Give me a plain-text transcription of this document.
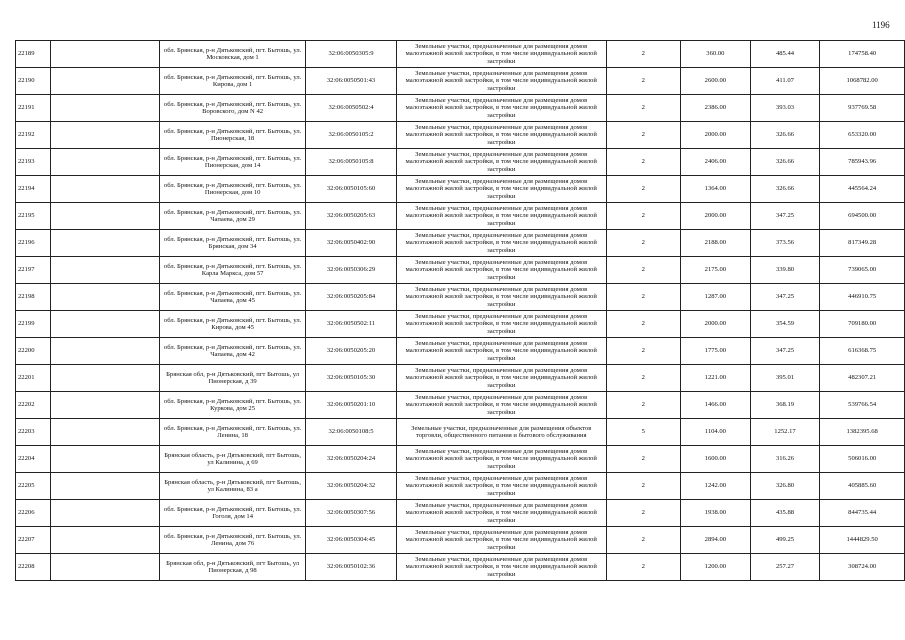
1196
22189		обл. Брянская, р-н Дятьковский, пгт. Бытошь, ул. Московская, дом 1	32:06:0050305:9	Земельные участки, предназначенные для размещения домов малоэтажной жилой застройки, в том числе индивидуальной жилой застройки	2	360.00	485.44	174758.40
22190		обл. Брянская, р-н Дятьковский, пгт. Бытошь, ул. Кирова, дом 1	32:06:0050501:43	Земельные участки, предназначенные для размещения домов малоэтажной жилой застройки, в том числе индивидуальной жилой застройки	2	2600.00	411.07	1068782.00
22191		обл. Брянская, р-н Дятьковский, пгт. Бытошь, ул. Воровского, дом N 42	32:06:0050502:4	Земельные участки, предназначенные для размещения домов малоэтажной жилой застройки, в том числе индивидуальной жилой застройки	2	2386.00	393.03	937769.58
22192		обл. Брянская, р-н Дятьковский, пгт. Бытошь, ул. Пионерская, 18	32:06:0050105:2	Земельные участки, предназначенные для размещения домов малоэтажной жилой застройки, в том числе индивидуальной жилой застройки	2	2000.00	326.66	653320.00
22193		обл. Брянская, р-н Дятьковский, пгт. Бытошь, ул. Пионерская, дом 14	32:06:0050105:8	Земельные участки, предназначенные для размещения домов малоэтажной жилой застройки, в том числе индивидуальной жилой застройки	2	2406.00	326.66	785943.96
22194		обл. Брянская, р-н Дятьковский, пгт. Бытошь, ул. Пионерская, дом 10	32:06:0050105:60	Земельные участки, предназначенные для размещения домов малоэтажной жилой застройки, в том числе индивидуальной жилой застройки	2	1364.00	326.66	445564.24
22195		обл. Брянская, р-н Дятьковский, пгт. Бытошь, ул. Чапаева, дом 29	32:06:0050205:63	Земельные участки, предназначенные для размещения домов малоэтажной жилой застройки, в том числе индивидуальной жилой застройки	2	2000.00	347.25	694500.00
22196		обл. Брянская, р-н Дятьковский, пгт. Бытошь, ул. Брянская, дом 34	32:06:0050402:90	Земельные участки, предназначенные для размещения домов малоэтажной жилой застройки, в том числе индивидуальной жилой застройки	2	2188.00	373.56	817349.28
22197		обл. Брянская, р-н Дятьковский, пгт. Бытошь, ул. Карла Маркса, дом 57	32:06:0050306:29	Земельные участки, предназначенные для размещения домов малоэтажной жилой застройки, в том числе индивидуальной жилой застройки	2	2175.00	339.80	739065.00
22198		обл. Брянская, р-н Дятьковский, пгт. Бытошь, ул. Чапаева, дом 45	32:06:0050205:84	Земельные участки, предназначенные для размещения домов малоэтажной жилой застройки, в том числе индивидуальной жилой застройки	2	1287.00	347.25	446910.75
22199		обл. Брянская, р-н Дятьковский, пгт. Бытошь, ул. Кирова, дом 45	32:06:0050502:11	Земельные участки, предназначенные для размещения домов малоэтажной жилой застройки, в том числе индивидуальной жилой застройки	2	2000.00	354.59	709180.00
22200		обл. Брянская, р-н Дятьковский, пгт. Бытошь, ул. Чапаева, дом 42	32:06:0050205:20	Земельные участки, предназначенные для размещения домов малоэтажной жилой застройки, в том числе индивидуальной жилой застройки	2	1775.00	347.25	616368.75
22201		Брянская обл, р-н Дятьковский, пгт Бытошь, ул Пионерская, д 39	32:06:0050105:30	Земельные участки, предназначенные для размещения домов малоэтажной жилой застройки, в том числе индивидуальной жилой застройки	2	1221.00	395.01	482307.21
22202		обл. Брянская, р-н Дятьковский, пгт. Бытошь, ул. Куркова, дом 25	32:06:0050201:10	Земельные участки, предназначенные для размещения домов малоэтажной жилой застройки, в том числе индивидуальной жилой застройки	2	1466.00	368.19	539766.54
22203		обл. Брянская, р-н Дятьковский, пгт. Бытошь, ул. Ленина, 18	32:06:0050108:5	Земельные участки, предназначенные для размещения объектов торговли, общественного питания и бытового обслуживания	5	1104.00	1252.17	1382395.68
22204		Брянская область, р-н Дятьковский, пгт Бытошь, ул Калинина, д 69	32:06:0050204:24	Земельные участки, предназначенные для размещения домов малоэтажной жилой застройки, в том числе индивидуальной жилой застройки	2	1600.00	316.26	506016.00
22205		Брянская область, р-н Дятьковский, пгт Бытошь, ул Калинина, 83 а	32:06:0050204:32	Земельные участки, предназначенные для размещения домов малоэтажной жилой застройки, в том числе индивидуальной жилой застройки	2	1242.00	326.80	405885.60
22206		обл. Брянская, р-н Дятьковский, пгт. Бытошь, ул. Гоголя, дом 14	32:06:0050307:56	Земельные участки, предназначенные для размещения домов малоэтажной жилой застройки, в том числе индивидуальной жилой застройки	2	1938.00	435.88	844735.44
22207		обл. Брянская, р-н Дятьковский, пгт. Бытошь, ул. Ленина, дом 76	32:06:0050304:45	Земельные участки, предназначенные для размещения домов малоэтажной жилой застройки, в том числе индивидуальной жилой застройки	2	2894.00	499.25	1444829.50
22208		Брянская обл, р-н Дятьковский, пгт Бытошь, ул Пионерская, д 98	32:06:0050102:36	Земельные участки, предназначенные для размещения домов малоэтажной жилой застройки, в том числе индивидуальной жилой застройки	2	1200.00	257.27	308724.00
